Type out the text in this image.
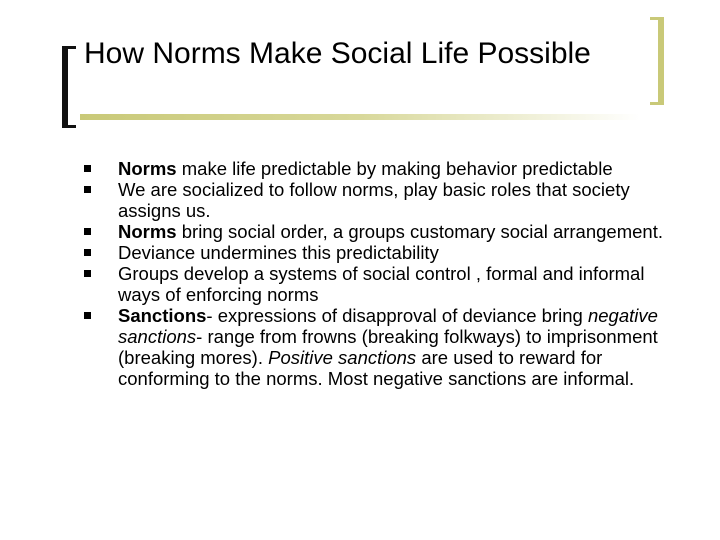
How Norms Make Social Life Possible
Norms make life predictable by making behavior predictable
We are socialized to follow norms, play basic roles that society assigns us.
Norms bring social order, a groups customary social arrangement.
Deviance undermines this predictability
Groups develop a systems of social control , formal and informal ways of enforcing norms
Sanctions- expressions of disapproval of deviance bring negative sanctions- range from frowns (breaking folkways) to imprisonment (breaking mores). Positive sanctions are used to reward for conforming to the norms. Most negative sanctions are informal.
